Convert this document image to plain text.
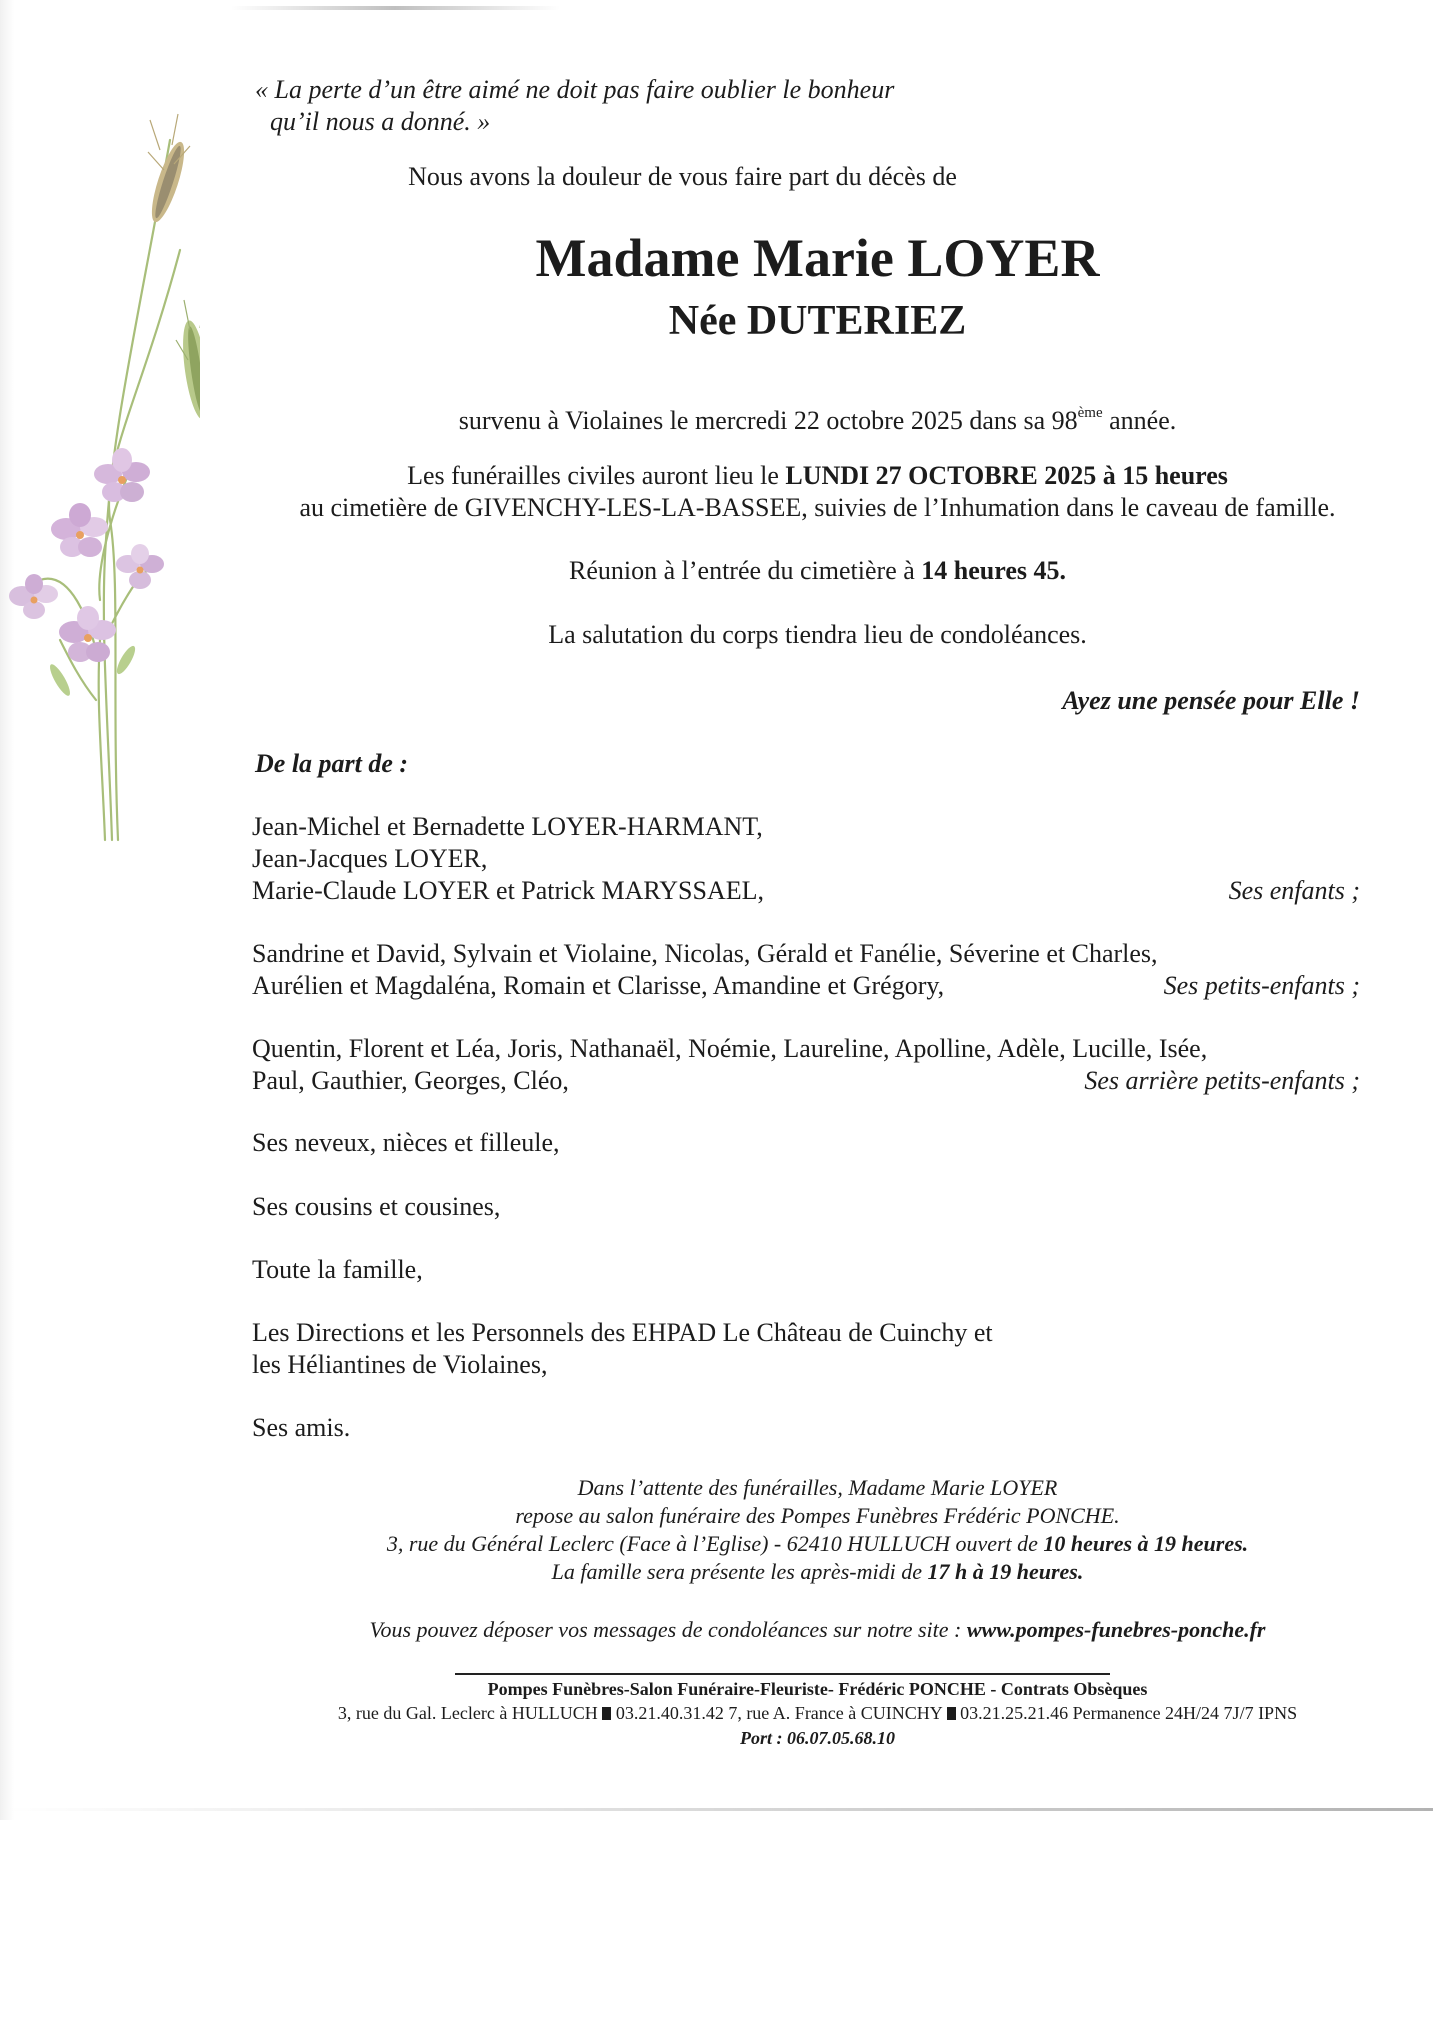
« La perte d’un être aimé ne doit pas faire oublier le bonheur
qu’il nous a donné. »
Nous avons la douleur de vous faire part du décès de
Madame Marie LOYER
Née DUTERIEZ
survenu à Violaines le mercredi 22 octobre 2025 dans sa 98ème année.
Les funérailles civiles auront lieu le LUNDI 27 OCTOBRE 2025 à 15 heures
au cimetière de GIVENCHY-LES-LA-BASSEE, suivies de l’Inhumation dans le caveau de famille.
Réunion à l’entrée du cimetière à 14 heures 45.
La salutation du corps tiendra lieu de condoléances.
Ayez une pensée pour Elle !
De la part de :
Jean-Michel et Bernadette LOYER-HARMANT,
Jean-Jacques LOYER,
Marie-Claude LOYER et Patrick MARYSSAEL,	Ses enfants ;
Sandrine et David, Sylvain et Violaine, Nicolas, Gérald et Fanélie, Séverine et Charles,
Aurélien et Magdaléna, Romain et Clarisse, Amandine et Grégory,	Ses petits-enfants ;
Quentin, Florent et Léa, Joris, Nathanaël, Noémie, Laureline, Apolline, Adèle, Lucille, Isée,
Paul, Gauthier, Georges, Cléo,	Ses arrière petits-enfants ;
Ses neveux, nièces et filleule,
Ses cousins et cousines,
Toute la famille,
Les Directions et les Personnels des EHPAD Le Château de Cuinchy et
les Héliantines de Violaines,
Ses amis.
Dans l’attente des funérailles, Madame Marie LOYER
repose au salon funéraire des Pompes Funèbres Frédéric PONCHE.
3, rue du Général Leclerc (Face à l’Eglise) - 62410 HULLUCH ouvert de 10 heures à 19 heures.
La famille sera présente les après-midi de 17 h à 19 heures.
Vous pouvez déposer vos messages de condoléances sur notre site : www.pompes-funebres-ponche.fr
Pompes Funèbres-Salon Funéraire-Fleuriste- Frédéric PONCHE - Contrats Obsèques
3, rue du Gal. Leclerc à HULLUCH 03.21.40.31.42 7, rue A. France à CUINCHY 03.21.25.21.46 Permanence 24H/24 7J/7 IPNS
Port : 06.07.05.68.10
